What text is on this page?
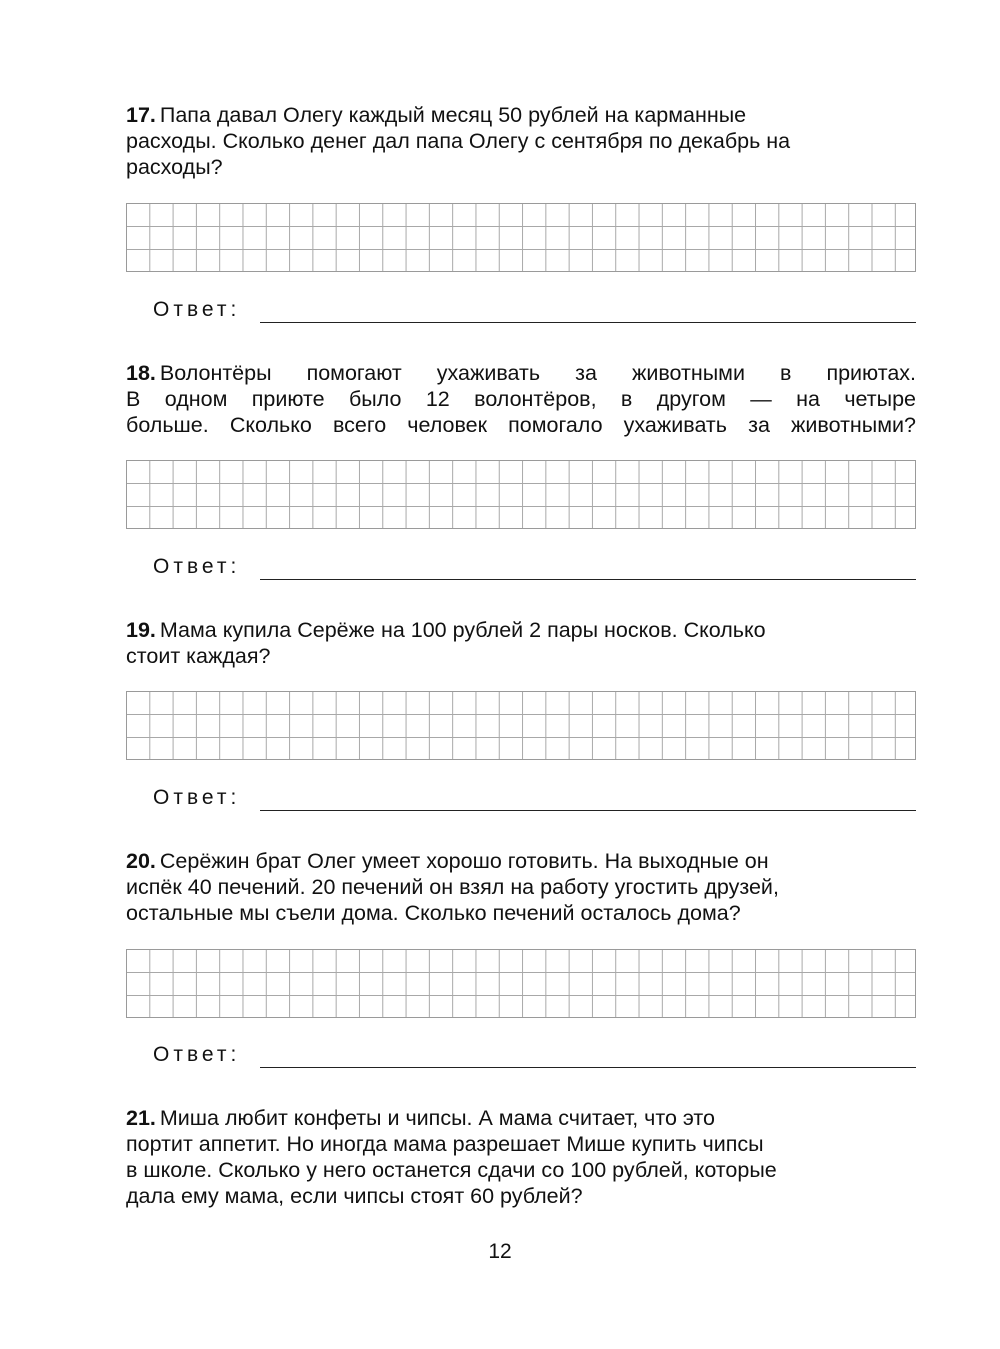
17. Папа давал Олегу каждый месяц 50 рублей на карманные
расходы. Сколько денег дал папа Олегу с сентября по декабрь на
расходы?
Ответ:
18. Волонтёры помогают ухаживать за животными в приютах.
В одном приюте было 12 волонтёров, в другом — на четыре
больше. Сколько всего человек помогало ухаживать за животными?
Ответ:
19. Мама купила Серёже на 100 рублей 2 пары носков. Сколько
стоит каждая?
Ответ:
20. Серёжин брат Олег умеет хорошо готовить. На выходные он
испёк 40 печений. 20 печений он взял на работу угостить друзей,
остальные мы съели дома. Сколько печений осталось дома?
Ответ:
21. Миша любит конфеты и чипсы. А мама считает, что это
портит аппетит. Но иногда мама разрешает Мише купить чипсы
в школе. Сколько у него останется сдачи со 100 рублей, которые
дала ему мама, если чипсы стоят 60 рублей?
12
